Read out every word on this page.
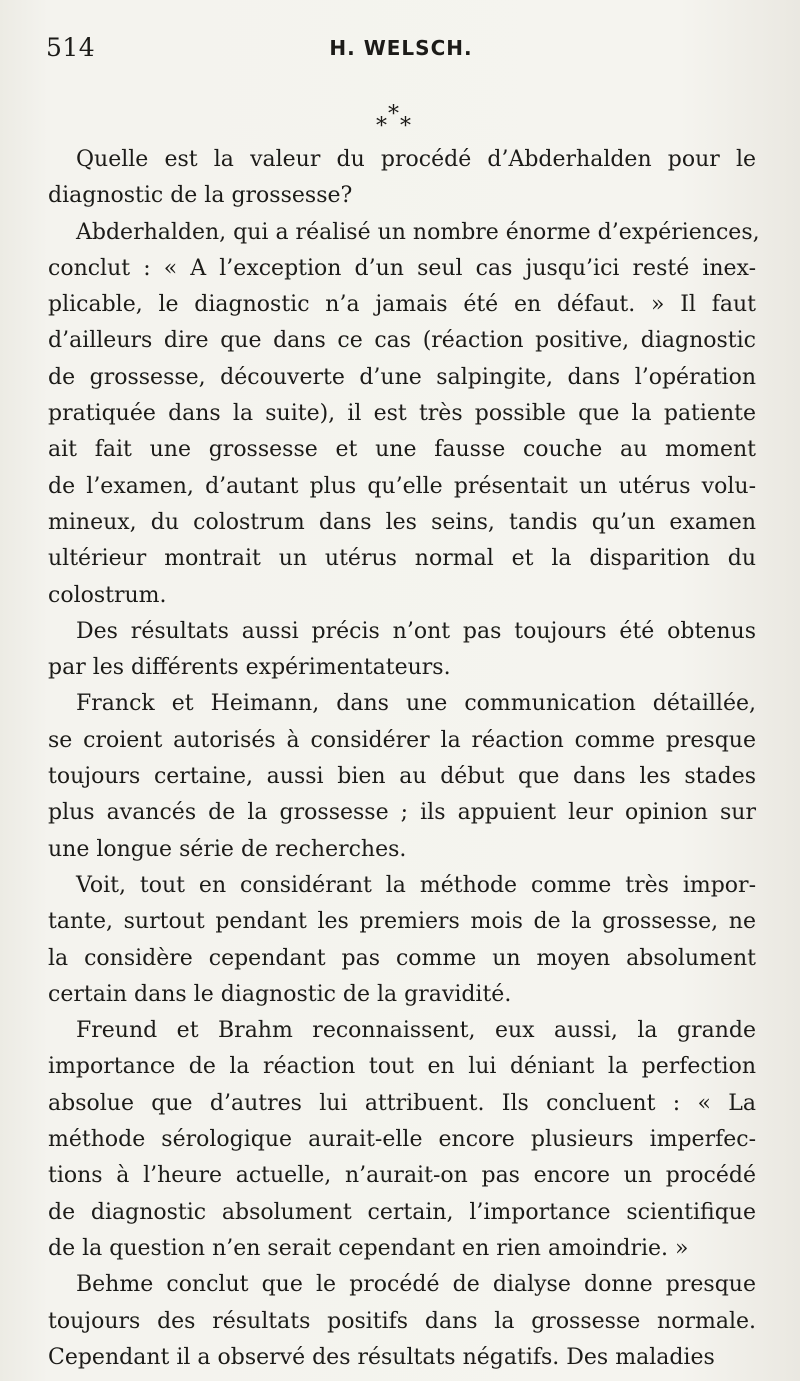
514	H. WELSCH.
*
* *
Quelle est la valeur du procédé d’Abderhalden pour le
diagnostic de la grossesse?
Abderhalden, qui a réalisé un nombre énorme d’expériences,
conclut : « A l’exception d’un seul cas jusqu’ici resté inex-
plicable, le diagnostic n’a jamais été en défaut. » Il faut
d’ailleurs dire que dans ce cas (réaction positive, diagnostic
de grossesse, découverte d’une salpingite, dans l’opération
pratiquée dans la suite), il est très possible que la patiente
ait fait une grossesse et une fausse couche au moment
de l’examen, d’autant plus qu’elle présentait un utérus volu-
mineux, du colostrum dans les seins, tandis qu’un examen
ultérieur montrait un utérus normal et la disparition du
colostrum.
Des résultats aussi précis n’ont pas toujours été obtenus
par les différents expérimentateurs.
Franck et Heimann, dans une communication détaillée,
se croient autorisés à considérer la réaction comme presque
toujours certaine, aussi bien au début que dans les stades
plus avancés de la grossesse ; ils appuient leur opinion sur
une longue série de recherches.
Voit, tout en considérant la méthode comme très impor-
tante, surtout pendant les premiers mois de la grossesse, ne
la considère cependant pas comme un moyen absolument
certain dans le diagnostic de la gravidité.
Freund et Brahm reconnaissent, eux aussi, la grande
importance de la réaction tout en lui déniant la perfection
absolue que d’autres lui attribuent. Ils concluent : « La
méthode sérologique aurait-elle encore plusieurs imperfec-
tions à l’heure actuelle, n’aurait-on pas encore un procédé
de diagnostic absolument certain, l’importance scientifique
de la question n’en serait cependant en rien amoindrie. »
Behme conclut que le procédé de dialyse donne presque
toujours des résultats positifs dans la grossesse normale.
Cependant il a observé des résultats négatifs. Des maladies
